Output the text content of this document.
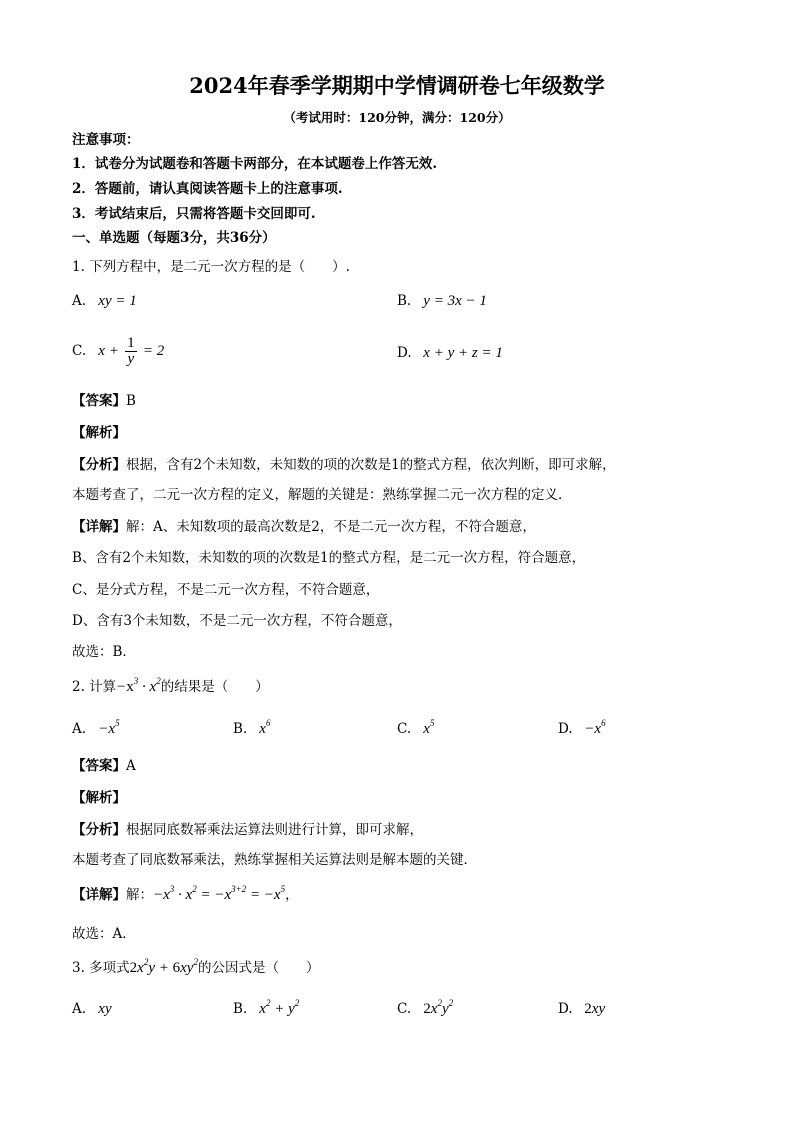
2024年春季学期期中学情调研卷七年级数学
（考试用时：120分钟，满分：120分）
注意事项：
1．试卷分为试题卷和答题卡两部分，在本试题卷上作答无效.
2．答题前，请认真阅读答题卡上的注意事项.
3．考试结束后，只需将答题卡交回即可.
一、单选题（每题3分，共36分）
1. 下列方程中，是二元一次方程的是（　　）.
A. xy = 1	B. y = 3x − 1
C. $x + \frac{1}{y} = 2$	D. x + y + z = 1
【答案】B
【解析】
【分析】根据，含有2个未知数，未知数的项的次数是1的整式方程，依次判断，即可求解，
本题考查了，二元一次方程的定义，解题的关键是：熟练掌握二元一次方程的定义．
【详解】解：A、未知数项的最高次数是2，不是二元一次方程，不符合题意，
B、含有2个未知数，未知数的项的次数是1的整式方程，是二元一次方程，符合题意，
C、是分式方程，不是二元一次方程，不符合题意，
D、含有3个未知数，不是二元一次方程，不符合题意，
故选：B．
2. 计算$-x^3 \cdot x^2$的结果是（　　）
A. $-x^5$	B. $x^6$	C. $x^5$	D. $-x^6$
【答案】A
【解析】
【分析】根据同底数幂乘法运算法则进行计算，即可求解，
本题考查了同底数幂乘法，熟练掌握相关运算法则是解本题的关键．
【详解】解：$-x^3 \cdot x^2 = -x^{3+2} = -x^5$，
故选：A．
3. 多项式$2x^2y + 6xy^2$的公因式是（　　）
A. xy	B. $x^2 + y^2$	C. $2x^2y^2$	D. 2xy
